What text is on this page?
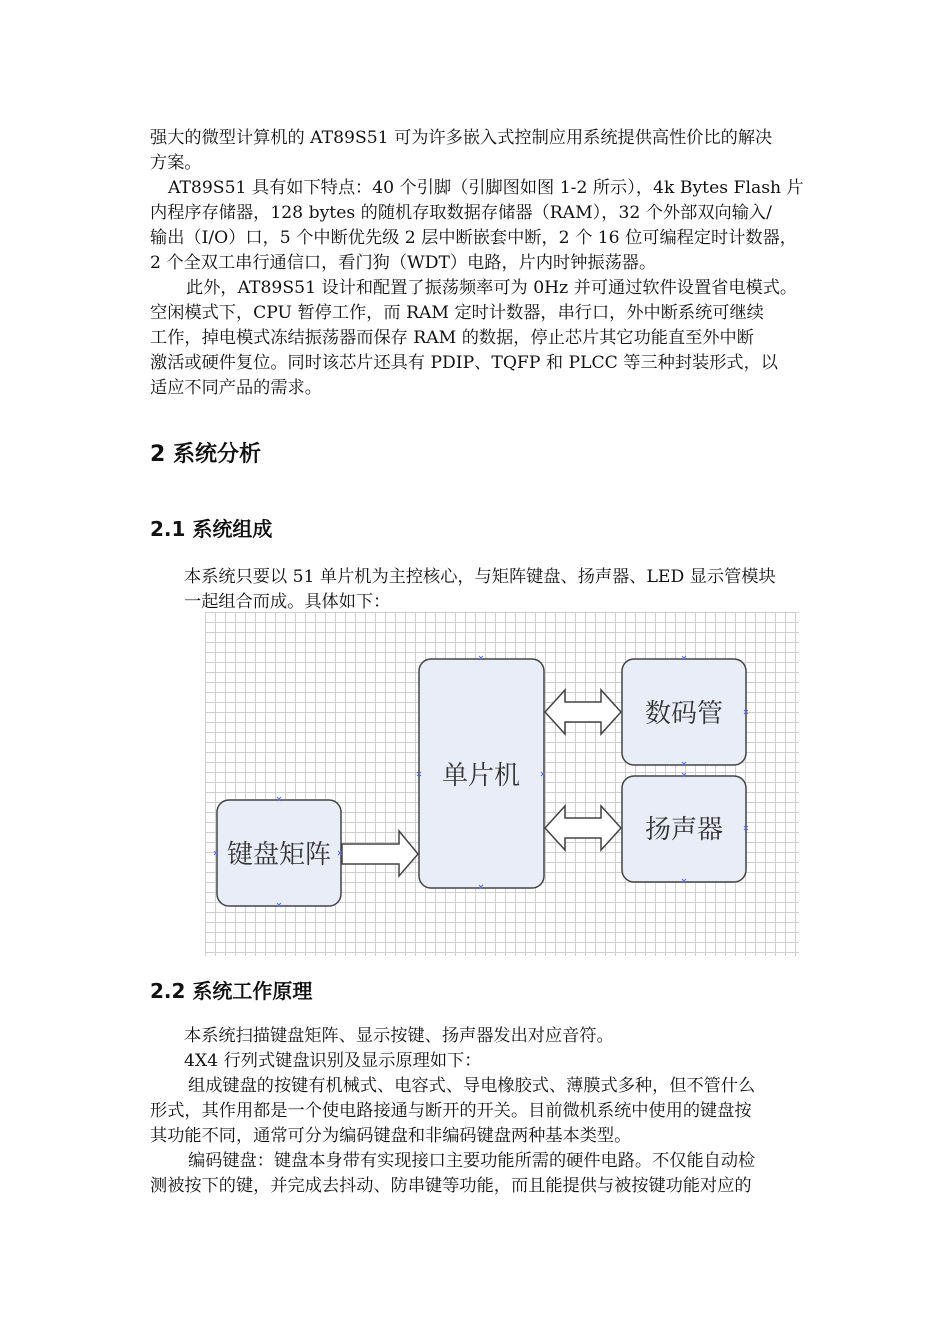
强大的微型计算机的 AT89S51 可为许多嵌入式控制应用系统提供高性价比的解决
方案。
AT89S51 具有如下特点：40 个引脚（引脚图如图 1-2 所示），4k Bytes Flash 片
内程序存储器，128 bytes 的随机存取数据存储器（RAM），32 个外部双向输入/
输出（I/O）口，5 个中断优先级 2 层中断嵌套中断，2 个 16 位可编程定时计数器，
2 个全双工串行通信口，看门狗（WDT）电路，片内时钟振荡器。
此外，AT89S51 设计和配置了振荡频率可为 0Hz 并可通过软件设置省电模式。
空闲模式下，CPU 暂停工作，而 RAM 定时计数器，串行口，外中断系统可继续
工作，掉电模式冻结振荡器而保存 RAM 的数据，停止芯片其它功能直至外中断
激活或硬件复位。同时该芯片还具有 PDIP、TQFP 和 PLCC 等三种封装形式，以
适应不同产品的需求。
2 系统分析
2.1 系统组成
本系统只要以 51 单片机为主控核心，与矩阵键盘、扬声器、LED 显示管模块
一起组合而成。具体如下：
单片机
数码管
扬声器
键盘矩阵
2.2 系统工作原理
本系统扫描键盘矩阵、显示按键、扬声器发出对应音符。
4X4 行列式键盘识别及显示原理如下：
组成键盘的按键有机械式、电容式、导电橡胶式、薄膜式多种，但不管什么
形式，其作用都是一个使电路接通与断开的开关。目前微机系统中使用的键盘按
其功能不同，通常可分为编码键盘和非编码键盘两种基本类型。
编码键盘：键盘本身带有实现接口主要功能所需的硬件电路。不仅能自动检
测被按下的键，并完成去抖动、防串键等功能，而且能提供与被按键功能对应的
